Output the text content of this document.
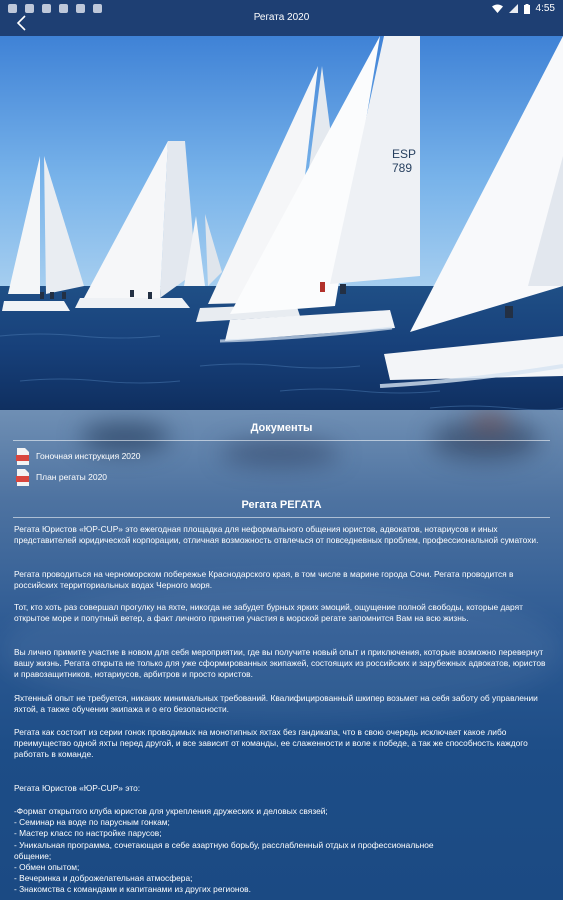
4:55
Регата 2020
ESP
789
Документы
Гоночная инструкция 2020
План регаты 2020
Регата РЕГАТА
Регата Юристов «ЮР-CUP» это ежегодная площадка для неформального общения юристов, адвокатов, нотариусов и иных представителей юридической корпорации, отличная возможность отвлечься от повседневных проблем, профессиональной суматохи.
Регата проводиться на черноморском побережье Краснодарского края, в том числе в марине города Сочи. Регата проводится в российских территориальных водах Черного моря.
Тот, кто хоть раз совершал прогулку на яхте, никогда не забудет бурных ярких эмоций, ощущение полной свободы, которые дарят открытое море и попутный ветер, а факт личного принятия участия в морской регате запомнится Вам на всю жизнь.
Вы лично примите участие в новом для себя мероприятии, где вы получите новый опыт и приключения, которые возможно перевернут вашу жизнь. Регата открыта не только для уже сформированных экипажей, состоящих из российских и зарубежных адвокатов, юристов и правозащитников, нотариусов, арбитров и просто юристов.
Яхтенный опыт не требуется, никаких минимальных требований. Квалифицированный шкипер возьмет на себя заботу об управлении яхтой, а также обучении экипажа и о его безопасности.
Регата как состоит из серии гонок проводимых на монотипных яхтах без гандикапа, что в свою очередь исключает какое либо преимущество одной яхты перед другой, и все зависит от команды, ее слаженности и воле к победе, а так же способность каждого работать в команде.
Регата Юристов «ЮР-CUP» это:
-Формат открытого клуба юристов для укрепления дружеских и деловых связей;
- Семинар на воде по парусным гонкам;
- Мастер класс по настройке парусов;
- Уникальная программа, сочетающая в себе азартную борьбу, расслабленный отдых и профессиональное
общение;
- Обмен опытом;
- Вечеринка и доброжелательная атмосфера;
- Знакомства с командами и капитанами из других регионов.
